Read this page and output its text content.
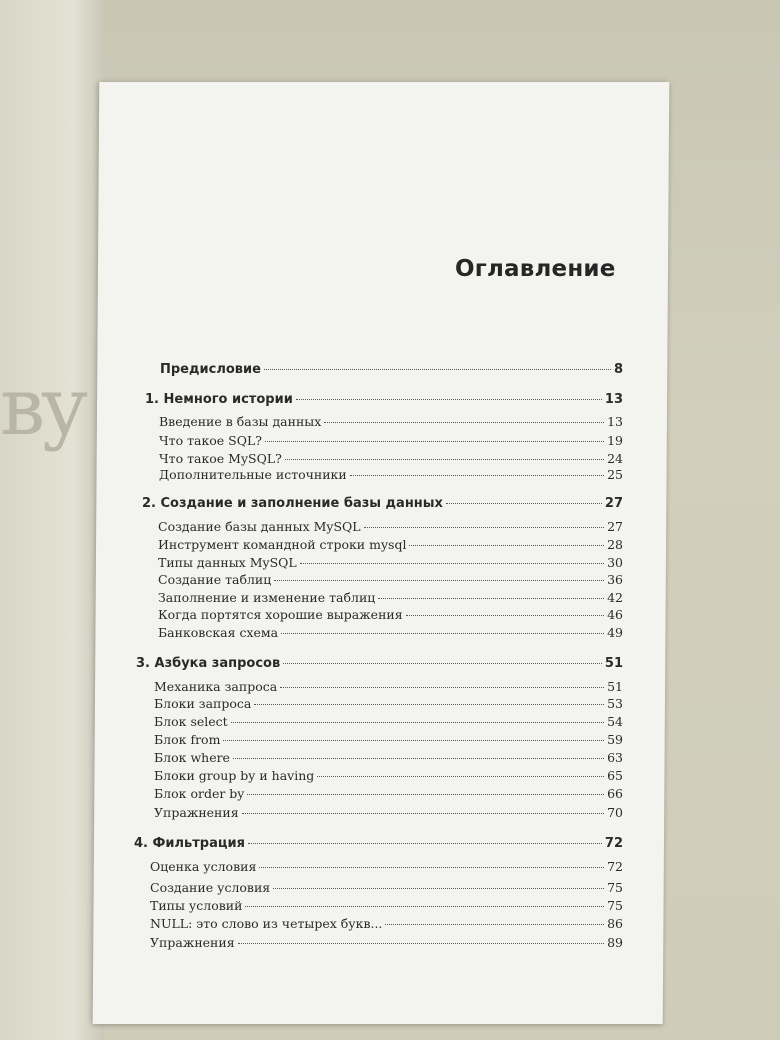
ву
Оглавление
Предисловие	8
1. Немного истории	13
Введение в базы данных	13
Что такое SQL?	19
Что такое MySQL?	24
Дополнительные источники	25
2. Создание и заполнение базы данных	27
Создание базы данных MySQL	27
Инструмент командной строки mysql	28
Типы данных MySQL	30
Создание таблиц	36
Заполнение и изменение таблиц	42
Когда портятся хорошие выражения	46
Банковская схема	49
3. Азбука запросов	51
Механика запроса	51
Блоки запроса	53
Блок select	54
Блок from	59
Блок where	63
Блоки group by и having	65
Блок order by	66
Упражнения	70
4. Фильтрация	72
Оценка условия	72
Создание условия	75
Типы условий	75
NULL: это слово из четырех букв...	86
Упражнения	89
